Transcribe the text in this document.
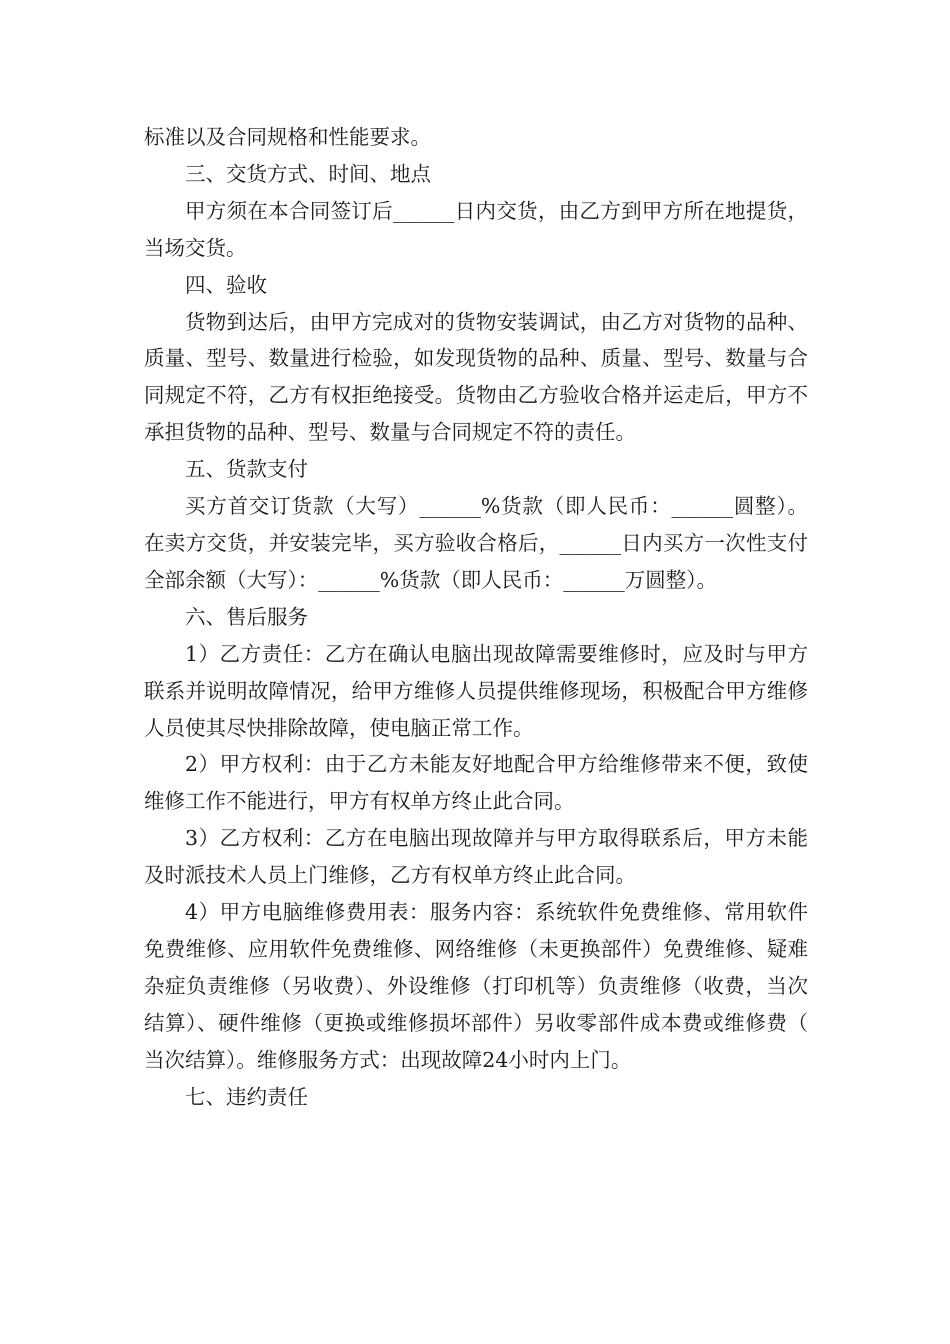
标准以及合同规格和性能要求。

三、交货方式、时间、地点

甲方须在本合同签订后______日内交货，由乙方到甲方所在地提货，当场交货。

四、验收

货物到达后，由甲方完成对的货物安装调试，由乙方对货物的品种、质量、型号、数量进行检验，如发现货物的品种、质量、型号、数量与合同规定不符，乙方有权拒绝接受。货物由乙方验收合格并运走后，甲方不承担货物的品种、型号、数量与合同规定不符的责任。

五、货款支付

买方首交订货款（大写）______%货款（即人民币：______圆整）。在卖方交货，并安装完毕，买方验收合格后，______日内买方一次性支付全部余额（大写）：______%货款（即人民币：______万圆整）。

六、售后服务

1）乙方责任：乙方在确认电脑出现故障需要维修时，应及时与甲方联系并说明故障情况，给甲方维修人员提供维修现场，积极配合甲方维修人员使其尽快排除故障，使电脑正常工作。

2）甲方权利：由于乙方未能友好地配合甲方给维修带来不便，致使维修工作不能进行，甲方有权单方终止此合同。

3）乙方权利：乙方在电脑出现故障并与甲方取得联系后，甲方未能及时派技术人员上门维修，乙方有权单方终止此合同。

4）甲方电脑维修费用表：服务内容：系统软件免费维修、常用软件免费维修、应用软件免费维修、网络维修（未更换部件）免费维修、疑难杂症负责维修（另收费）、外设维修（打印机等）负责维修（收费，当次结算）、硬件维修（更换或维修损坏部件）另收零部件成本费或维修费（当次结算）。维修服务方式：出现故障24小时内上门。

七、违约责任
